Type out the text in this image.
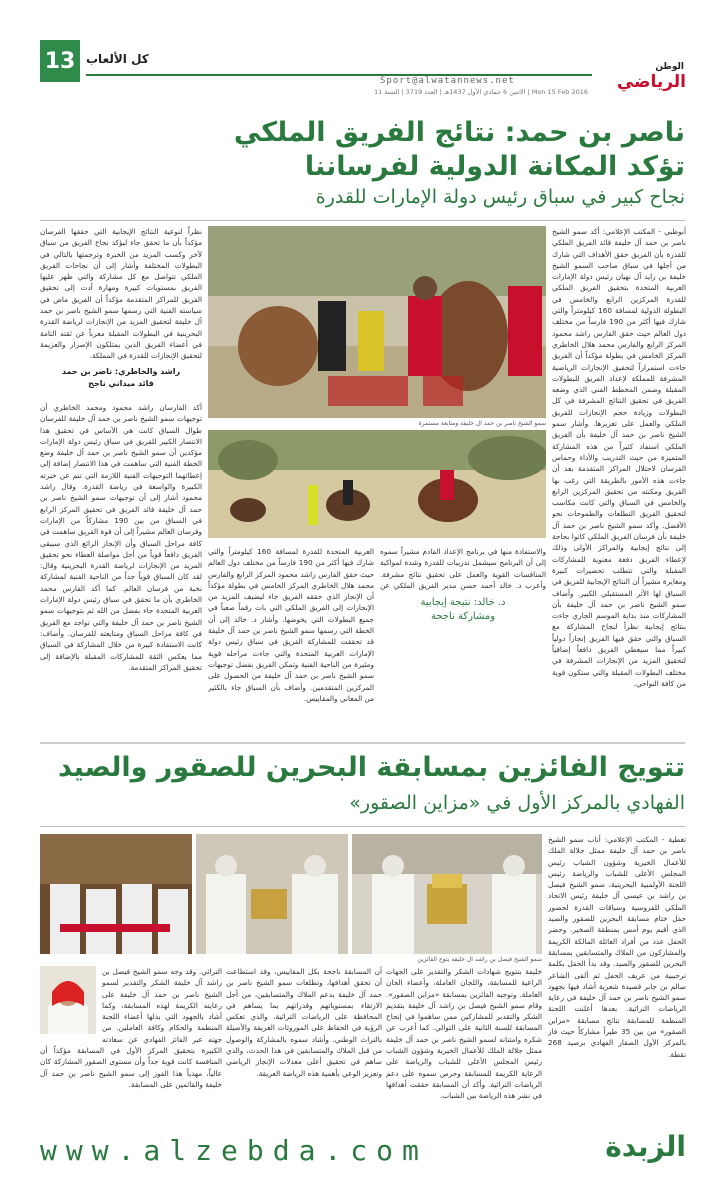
13 كل الألعاب
Sport@alwatannews.net
Mon 15 Feb 2016 | الاثنين 6 جمادي الأول 1437هـ | العدد 3719 | السنة 11
الوطن
الرياضي
ناصر بن حمد: نتائج الفريق الملكي
تؤكد المكانة الدولية لفرساننا
نجاح كبير في سباق رئيس دولة الإمارات للقدرة
أبوظبي - المكتب الإعلامي: أكد سمو الشيخ ناصر بن حمد آل خليفة قائد الفريق الملكي للقدرة بأن الفريق حقق الأهداف التي شارك من أجلها في سباق صاحب السمو الشيخ خليفة بن زايد آل نهيان رئيس دولة الإمارات العربية المتحدة بتحقيق الفريق الملكي للقدرة المركزين الرابع والخامس في البطولة الدولية لمسافة 160 كيلومتراً والتي شارك فيها أكثر من 190 فارساً من مختلف دول العالم حيث حقق الفارس راشد محمود المركز الرابع والفارس محمد هلال الخاطري المركز الخامس في بطولة مؤكداً أن الفريق جاءت استمراراً لتحقيق الإنجازات الرياضية المشرفة للمملكة لإعداد الفريق للبطولات المقبلة وضمن المخطط الفني الذي وضعه الفريق في تحقيق النتائج المشرفة في كل البطولات وزيادة حجم الإنجازات للفريق الملكي والعمل على تعزيزها. وأشار سمو الشيخ ناصر بن حمد آل خليفة بأن الفريق الملكي استفاد كثيراً من هذه المشاركة المتميزة من حيث التدريب والأداء وحماس الفرسان لاحتلال المراكز المتقدمة بعد أن جاءت هذه الأمور بالطريقة التي رغب بها الفريق ومكنته من تحقيق المركزين الرابع والخامس في السباق والتي كانت مكاسب لتحقيق الفريق التطلعات والطموحات نحو الأفضل. وأكد سمو الشيخ ناصر بن حمد آل خليفة بأن فرسان الفريق الملكي كانوا بحاجة إلى نتائج إيجابية والمراكز الأولى وذلك لإعطاء الفريق دفعة معنوية للمشاركات المقبلة والتي تتطلب تحضيرات كبيرة ومغايرة مشيراً أن النتائج الإيجابية للفريق في السباق لها الأثر المستقبلي الكبير. وأضاف سمو الشيخ ناصر بن حمد آل خليفة بأن المشاركات منذ بداية الموسم الجاري جاءت بنتائج إيجابية نظراً لنجاح المشاركة مع السباق والتي حقق فيها الفريق إنجازاً دولياً كبيراً مما سيعطي الفريق دافعاً إضافياً لتحقيق المزيد من الإنجازات المشرفة في مختلف البطولات المقبلة والتي ستكون قوية من كافة النواحي.
سمو الشيخ ناصر بن حمد آل خليفة ومتابعة مستمرة
والاستفادة منها في برنامج الإعداد القادم مشيراً سموه إلى أن البرنامج سيشمل تدريبات للقدرة وشدة لمواكبة المنافسات القوية والعمل على تحقيق نتائج مشرفة. وأعرب د. خالد أحمد حسن مدير الفريق الملكي عن
د. خالد: نتيجة إيجابية
ومشاركة ناجحة
العربية المتحدة للقدرة لمسافة 160 كيلومتراً والتي شارك فيها أكثر من 190 فارساً من مختلف دول العالم حيث حقق الفارس راشد محمود المركز الرابع والفارس محمد هلال الخاطري المركز الخامس في بطولة مؤكداً أن الإنجاز الذي حققه الفريق جاء ليضيف المزيد من الإنجازات إلى الفريق الملكي التي بات رقماً صعباً في جميع البطولات التي يخوضها. وأشار د. خالد إلى أن الخطة التي رسمها سمو الشيخ ناصر بن حمد آل خليفة قد تحققت للمشاركة الفريق في سباق رئيس دولة الإمارات العربية المتحدة والتي جاءت مراحله قوية ومثيرة من الناحية الفنية وتمكن الفريق بفضل توجيهات سمو الشيخ ناصر بن حمد آل خليفة من الحصول على المركزين المتقدمين. وأضاف بأن السباق جاء بالكثير من المعاني والمقاييس.
نظراً لنوعية النتائج الإيجابية التي حققها الفرسان مؤكداً بأن ما تحقق جاء ليؤكد نجاح الفريق من سباق لآخر وكسب المزيد من الخبرة وترجمتها بالتالي في البطولات المختلفة وأشار إلى أن نجاحات الفريق الملكي تتواصل مع كل مشاركة والتي ظهر عليها الفريق بمستويات كبيرة ومهارة أدت إلى تحقيق الفريق للمراكز المتقدمة مؤكداً أن الفريق ماض في سياسته الفنية التي رسمها سمو الشيخ ناصر بن حمد آل خليفة لتحقيق المزيد من الإنجازات لرياضة القدرة البحرينية في البطولات المقبلة معرباً عن ثقته التامة في أعضاء الفريق الذين يمتلكون الإصرار والعزيمة لتحقيق الإنجازات للقدرة في المملكة.
راشد والخاطري: ناصر بن حمد
قائد ميداني ناجح
أكد الفارسان راشد محمود ومحمد الخاطري أن توجيهات سمو الشيخ ناصر بن حمد آل خليفة للفرسان طوال السباق كانت هي الأساس في تحقيق هذا الانتصار الكبير للفريق في سباق رئيس دولة الإمارات مؤكدين أن سمو الشيخ ناصر بن حمد آل خليفة وضع الخطة الفنية التي ساهمت في هذا الانتصار إضافة إلى إعطائهما التوجيهات الفنية اللازمة التي تنم عن خبرته الكبيرة والواسعة في رياضة القدرة. وقال راشد محمود أشار إلى أن توجيهات سمو الشيخ ناصر بن حمد آل خليفة قائد الفريق في تحقيق المركز الرابع في السباق من بين 190 مشاركاً من الإمارات وفرسان العالم مشيراً إلى أن قوة الفريق ساهمت في كافة مراحل السباق وأن الإنجاز الرائع الذي سيبقى الفريق دافعاً قوياً من أجل مواصلة العطاء نحو تحقيق المزيد من الإنجازات لرياضة القدرة البحرينية وقال: لقد كان السباق قوياً جداً من الناحية الفنية لمشاركة نخبة من فرسان العالم. كما أكد الفارس محمد الخاطري بأن ما تحقق في سباق رئيس دولة الإمارات العربية المتحدة جاء بفضل من الله ثم بتوجيهات سمو الشيخ ناصر بن حمد آل خليفة والتي تواجد مع الفريق في كافة مراحل السباق ومتابعته للفرسان. وأضاف: كانت الاستفادة كبيرة من خلال المشاركة في السباق مما يعكس الثقة للمشاركات المقبلة بالإضافة إلى تحقيق المراكز المتقدمة.
تتويج الفائزين بمسابقة البحرين للصقور والصيد
الفهادي بالمركز الأول في «مزاين الصقور»
تغطية - المكتب الإعلامي: أناب سمو الشيخ ناصر بن حمد آل خليفة ممثل جلالة الملك للأعمال الخيرية وشؤون الشباب رئيس المجلس الأعلى للشباب والرياضة رئيس اللجنة الأولمبية البحرينية، سمو الشيخ فيصل بن راشد بن عيسى آل خليفة رئيس الاتحاد الملكي للفروسية وسباقات القدرة لحضور حفل ختام مسابقة البحرين للصقور والصيد الذي أقيم يوم أمس بمنطقة الصخير. وحضر الحفل عدد من أفراد العائلة المالكة الكريمة والمشاركون من الملاك والمتسابقين بمسابقة البحرين للصقور والصيد. وقد بدأ الحفل بكلمة ترحيبية من عريف الحفل ثم ألقى الشاعر سالم بن جابر قصيدة شعرية أشاد فيها بجهود سمو الشيخ ناصر بن حمد آل خليفة في رعاية الرياضات التراثية. بعدها أعلنت اللجنة المنظمة للمسابقة نتائج مسابقة «مزاين الصقور» من بين 35 طيراً مشاركاً حيث فاز بالمركز الأول الصقار الفهادي برصيد 268 نقطة.
سمو الشيخ فيصل بن راشد آل خليفة يتوج الفائزين
خليفة بتتويج شهادات الشكر والتقدير على الجهات الراعية للمسابقة، واللجان العاملة، وأعضاء الجان العاملة. وتوجيه الفائزين بمسابقة «مزاين الصقور». وقام سمو الشيخ فيصل بن راشد آل خليفة بتقديم الشكر والتقدير للمشاركين ممن ساهموا في إنجاح المسابقة للسنة الثانية على التوالي. كما أعرب عن شكره وامتنانه لسمو الشيخ ناصر بن حمد آل خليفة ممثل جلالة الملك للأعمال الخيرية وشؤون الشباب رئيس المجلس الأعلى للشباب والرياضة على الرعاية الكريمة للمسابقة وحرص سموه على دعم الرياضات التراثية. وأكد أن المسابقة حققت أهدافها في نشر هذه الرياضة بين الشباب.
أن المسابقة ناجحة بكل المقاييس، وقد استطاعت أن تحقق أهدافها، وتطلعات سمو الشيخ ناصر بن حمد آل خليفة بدعم الملاك والمتسابقين، من أجل الارتقاء بمستوياتهم وقدراتهم بما يساهم في المحافظة على الرياضات التراثية، والذي تعكس الرؤية في الحفاظ على الموروثات العريقة والأصيلة بالتراث الوطني. وأشاد سموه بالمشاركة والوصول من قبل الملاك والمتسابقين في هذا الحدث، والذي ساهم في تحقيق أعلى معدلات الإنجاز الرياضي وتعزيز الوعي بأهمية هذه الرياضة العريقة.
التراثي. وقد وجه سمو الشيخ فيصل بن راشد آل خليفة الشكر والتقدير لسمو الشيخ ناصر بن حمد آل خليفة على رعايته الكريمة لهذه المسابقة، وكما أشاد بالجهود التي بذلها أعضاء اللجنة المنظمة والحكام وكافة العاملين. من جهته عبر الفائز الفهادي عن سعادته الكبيرة بتحقيق المركز الأول في المسابقة مؤكداً أن المنافسة كانت قوية جداً وأن مستوى الصقور المشاركة كان عالياً، مهدياً هذا الفوز إلى سمو الشيخ ناصر بن حمد آل خليفة والقائمين على المسابقة.
www.alzebda.com	الزبدة
